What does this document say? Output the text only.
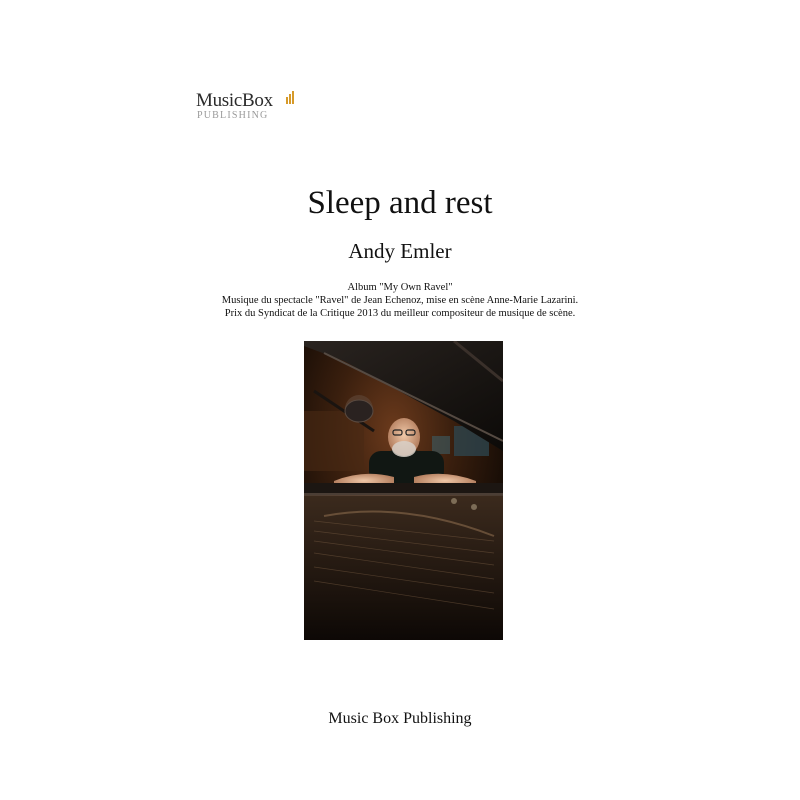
MusicBox
PUBLISHING
Sleep and rest
Andy Emler
Album "My Own Ravel"
Musique du spectacle "Ravel" de Jean Echenoz, mise en scène Anne-Marie Lazarini.
Prix du Syndicat de la Critique 2013 du meilleur compositeur de musique de scène.
Music Box Publishing
